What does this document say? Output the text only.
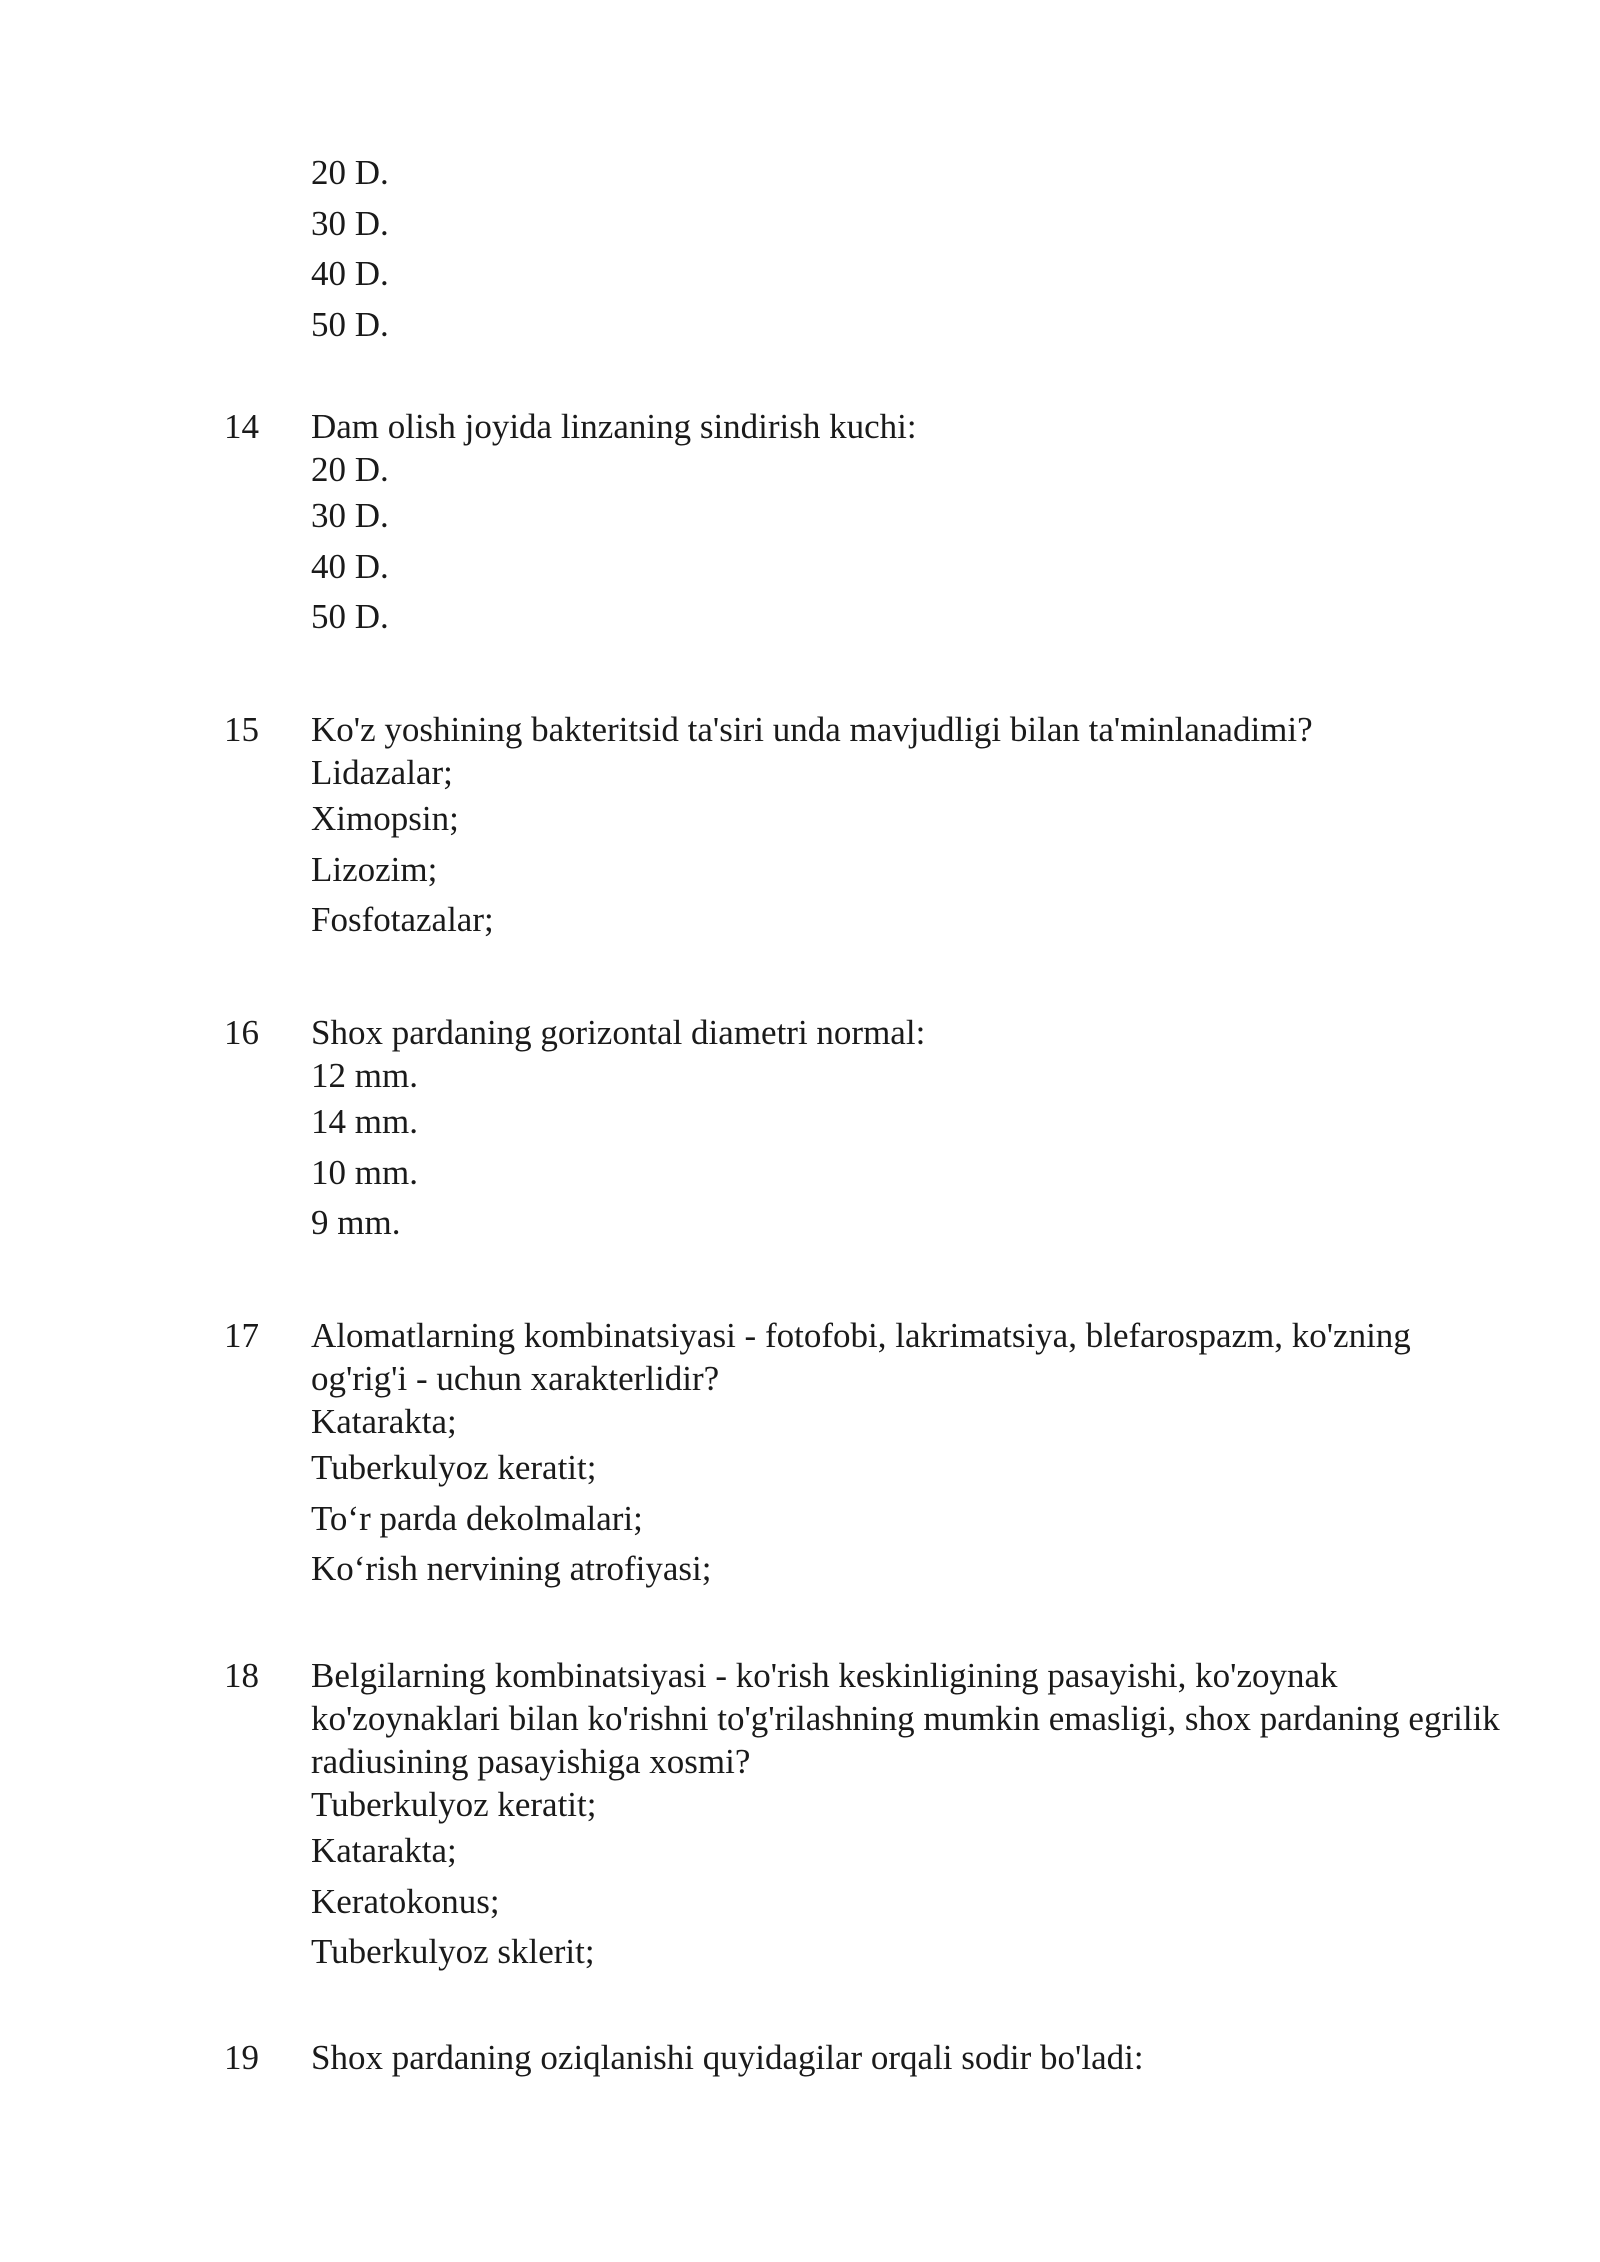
20 D.
30 D.
40 D.
50 D.
14 Dam olish joyida linzaning sindirish kuchi:
20 D.
30 D.
40 D.
50 D.
15 Ko'z yoshining bakteritsid ta'siri unda mavjudligi bilan ta'minlanadimi?
Lidazalar;
Ximopsin;
Lizozim;
Fosfotazalar;
16 Shox pardaning gorizontal diametri normal:
12 mm.
14 mm.
10 mm.
9 mm.
17 Alomatlarning kombinatsiyasi - fotofobi, lakrimatsiya, blefarospazm, ko'zning og'rig'i - uchun xarakterlidir?
Katarakta;
Tuberkulyoz keratit;
To‘r parda dekolmalari;
Ko‘rish nervining atrofiyasi;
18 Belgilarning kombinatsiyasi - ko'rish keskinligining pasayishi, ko'zoynak ko'zoynaklari bilan ko'rishni to'g'rilashning mumkin emasligi, shox pardaning egrilik radiusining pasayishiga xosmi?
Tuberkulyoz keratit;
Katarakta;
Keratokonus;
Tuberkulyoz sklerit;
19 Shox pardaning oziqlanishi quyidagilar orqali sodir bo'ladi:
